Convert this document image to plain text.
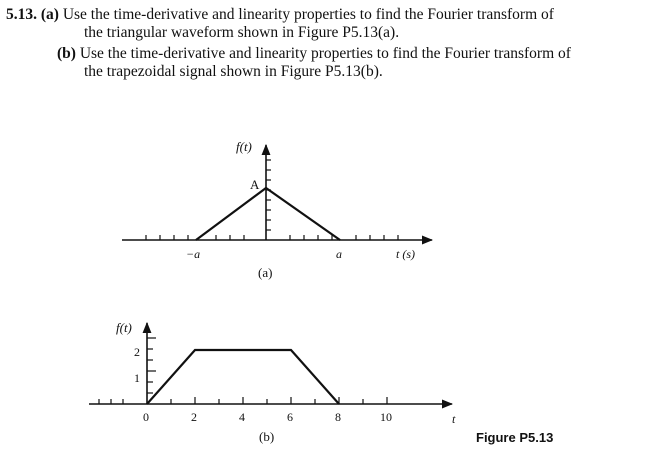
5.13. (a) Use the time-derivative and linearity properties to find the Fourier transform of
the triangular waveform shown in Figure P5.13(a).
(b) Use the time-derivative and linearity properties to find the Fourier transform of
the trapezoidal signal shown in Figure P5.13(b).
f(t)
A
−a	a	t (s)
(a)
f(t)
2
1
0	2	4	6	8	10	t
(b)	Figure P5.13
